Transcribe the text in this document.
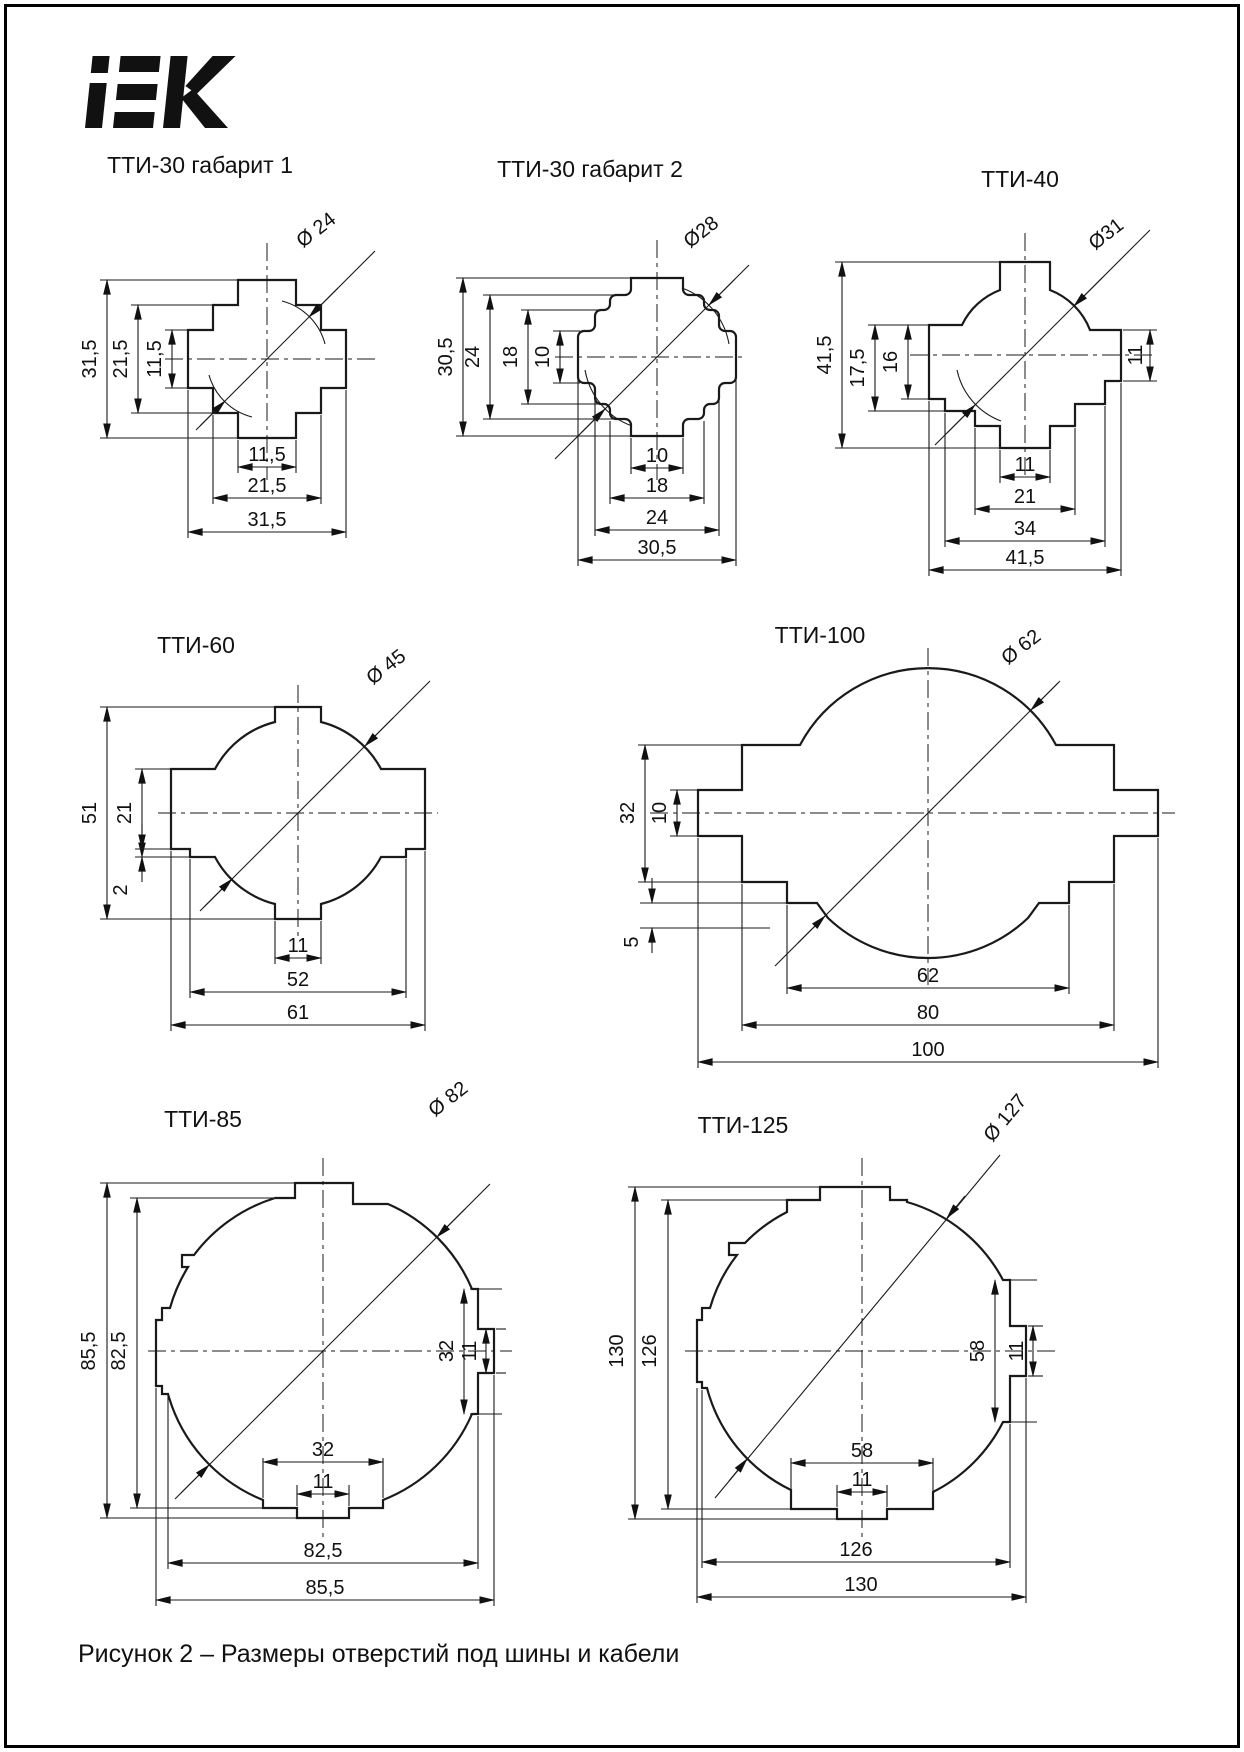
ТТИ-30 габарит 1	ТТИ-30 габарит 2	ТТИ-40
ТТИ-60	ТТИ-100
ТТИ-85	ТТИ-125
Ø 24
31,5 21,5 11,5
11,5
21,5
31,5
Ø28
30,5 24 18 10
10
18
24
30,5
Ø31
41,5 17,5 16	11
11
21
34
41,5
Ø 45
51 21
2
11
52
61
Ø 62
32 10
5
62
80
100
Ø 82
85,5 82,5	32 11
32
11
82,5
85,5
Ø 127
130 126	58 11
58
11
126
130
Рисунок 2 – Размеры отверстий под шины и кабели
